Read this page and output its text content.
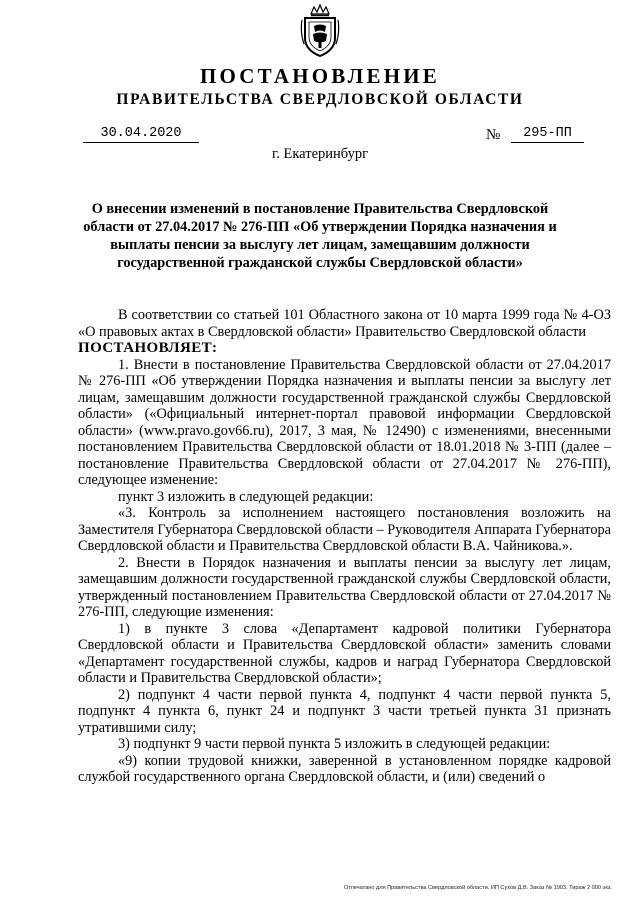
ПОСТАНОВЛЕНИЕ
ПРАВИТЕЛЬСТВА СВЕРДЛОВСКОЙ ОБЛАСТИ
30.04.2020	№	295-ПП
г. Екатеринбург
О внесении изменений в постановление Правительства Свердловской области от 27.04.2017 № 276-ПП «Об утверждении Порядка назначения и выплаты пенсии за выслугу лет лицам, замещавшим должности государственной гражданской службы Свердловской области»

В соответствии со статьей 101 Областного закона от 10 марта 1999 года № 4-ОЗ «О правовых актах в Свердловской области» Правительство Свердловской области

ПОСТАНОВЛЯЕТ:

1. Внести в постановление Правительства Свердловской области от 27.04.2017 № 276-ПП «Об утверждении Порядка назначения и выплаты пенсии за выслугу лет лицам, замещавшим должности государственной гражданской службы Свердловской области» («Официальный интернет-портал правовой информации Свердловской области» (www.pravo.gov66.ru), 2017, 3 мая, № 12490) с изменениями, внесенными постановлением Правительства Свердловской области от 18.01.2018 № 3-ПП (далее – постановление Правительства Свердловской области от 27.04.2017 № 276-ПП), следующее изменение:

пункт 3 изложить в следующей редакции:

«3. Контроль за исполнением настоящего постановления возложить на Заместителя Губернатора Свердловской области – Руководителя Аппарата Губернатора Свердловской области и Правительства Свердловской области В.А. Чайникова.».

2. Внести в Порядок назначения и выплаты пенсии за выслугу лет лицам, замещавшим должности государственной гражданской службы Свердловской области, утвержденный постановлением Правительства Свердловской области от 27.04.2017 № 276-ПП, следующие изменения:

1) в пункте 3 слова «Департамент кадровой политики Губернатора Свердловской области и Правительства Свердловской области» заменить словами «Департамент государственной службы, кадров и наград Губернатора Свердловской области и Правительства Свердловской области»;

2) подпункт 4 части первой пункта 4, подпункт 4 части первой пункта 5, подпункт 4 пункта 6, пункт 24 и подпункт 3 части третьей пункта 31 признать утратившими силу;

3) подпункт 9 части первой пункта 5 изложить в следующей редакции:

«9) копии трудовой книжки, заверенной в установленном порядке кадровой службой государственного органа Свердловской области, и (или) сведений о

Отпечатано для Правительства Свердловской области. ИП Сухов Д.В. Заказ № 1903. Тираж 2 000 экз.
